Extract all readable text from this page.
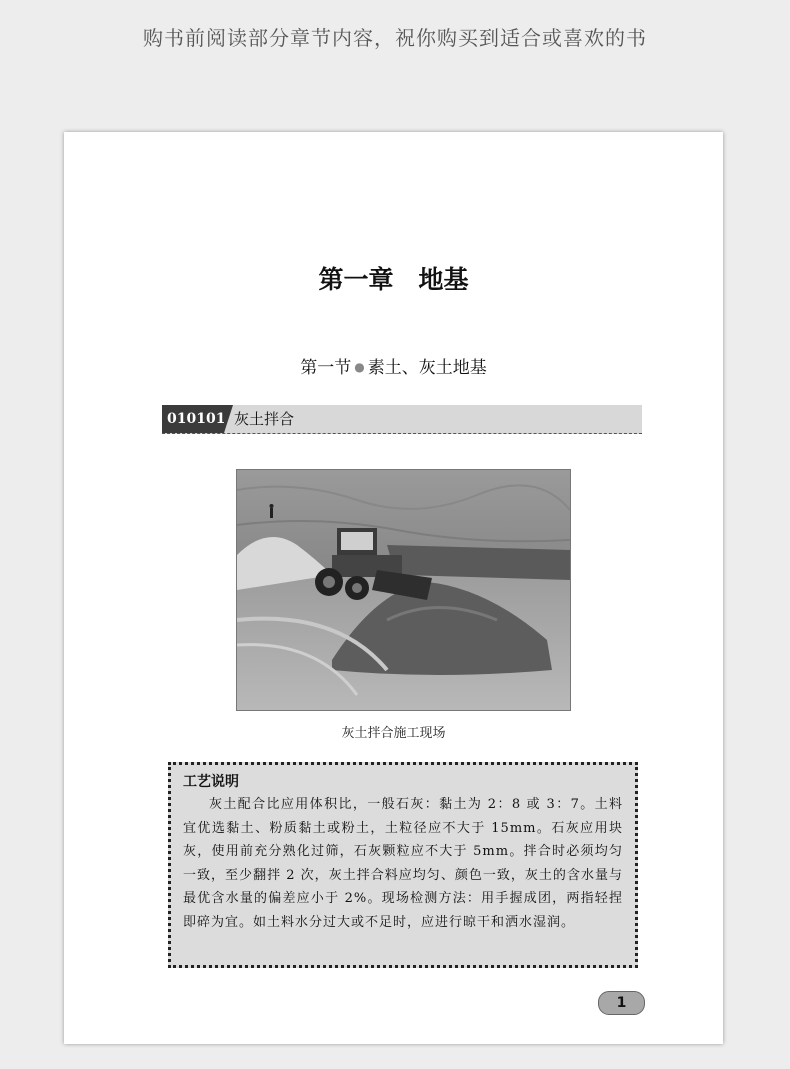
购书前阅读部分章节内容，祝你购买到适合或喜欢的书
第一章　地基
第一节 ● 素土、灰土地基
010101 灰土拌合
灰土拌合施工现场
工艺说明
灰土配合比应用体积比，一般石灰：黏土为 2：8 或 3：7。土料宜优选黏土、粉质黏土或粉土，土粒径应不大于 15mm。石灰应用块灰，使用前充分熟化过筛，石灰颗粒应不大于 5mm。拌合时必须均匀一致，至少翻拌 2 次，灰土拌合料应均匀、颜色一致，灰土的含水量与最优含水量的偏差应小于 2%。现场检测方法：用手握成团，两指轻捏即碎为宜。如土料水分过大或不足时，应进行晾干和洒水湿润。
1
